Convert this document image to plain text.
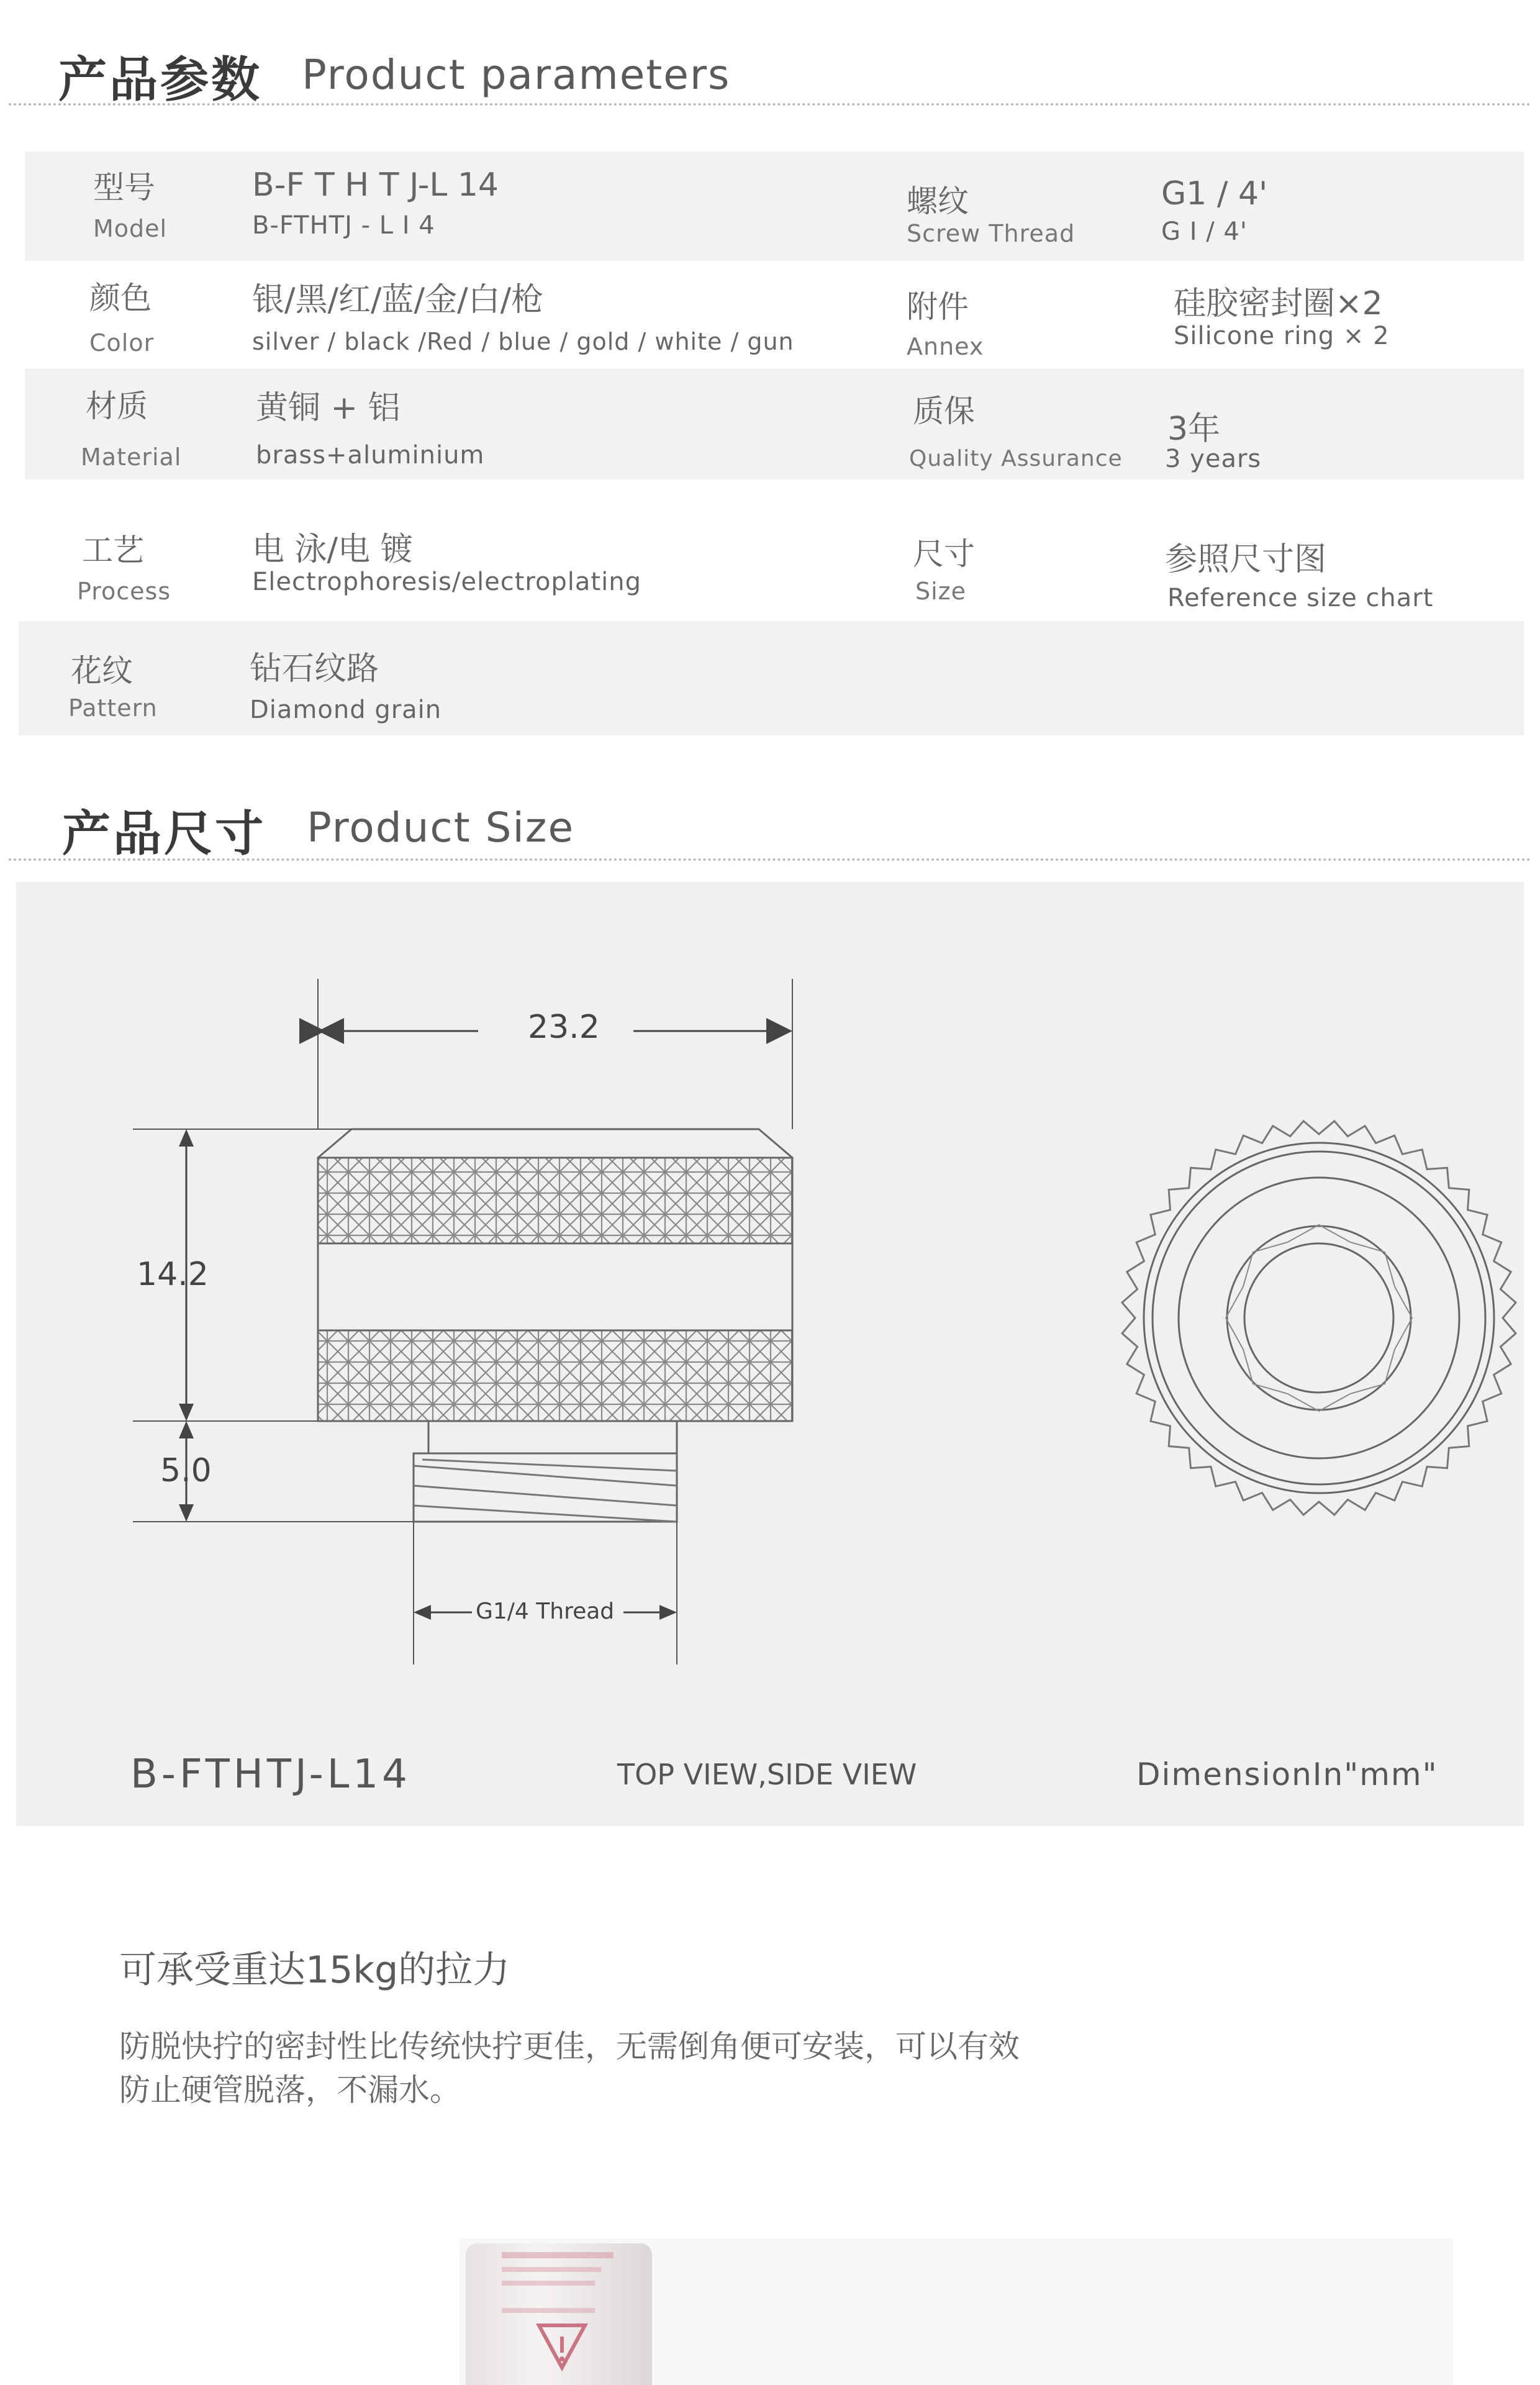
产品参数 Product parameters
型号
Model
B-F T H T J-L 14
B-FTHTJ - L I 4
螺纹
Screw Thread
G1 / 4'
G I / 4'
颜色
Color
银/黑/红/蓝/金/白/枪
silver / black /Red / blue / gold / white / gun
附件
Annex
硅胶密封圈×2
Silicone ring × 2
材质
Material
黄铜 + 铝
brass+aluminium
质保
Quality Assurance
3年
3 years
工艺
Process
电 泳/电 镀
Electrophoresis/electroplating
尺寸
Size
参照尺寸图
Reference size chart
花纹
Pattern
钻石纹路
Diamond grain
产品尺寸 Product Size
23.2
14.2
5.0
G1/4 Thread
B-FTHTJ-L14	TOP VIEW,SIDE VIEW	DimensionIn"mm"
可承受重达15kg的拉力
防脱快拧的密封性比传统快拧更佳，无需倒角便可安装，可以有效
防止硬管脱落，不漏水。
